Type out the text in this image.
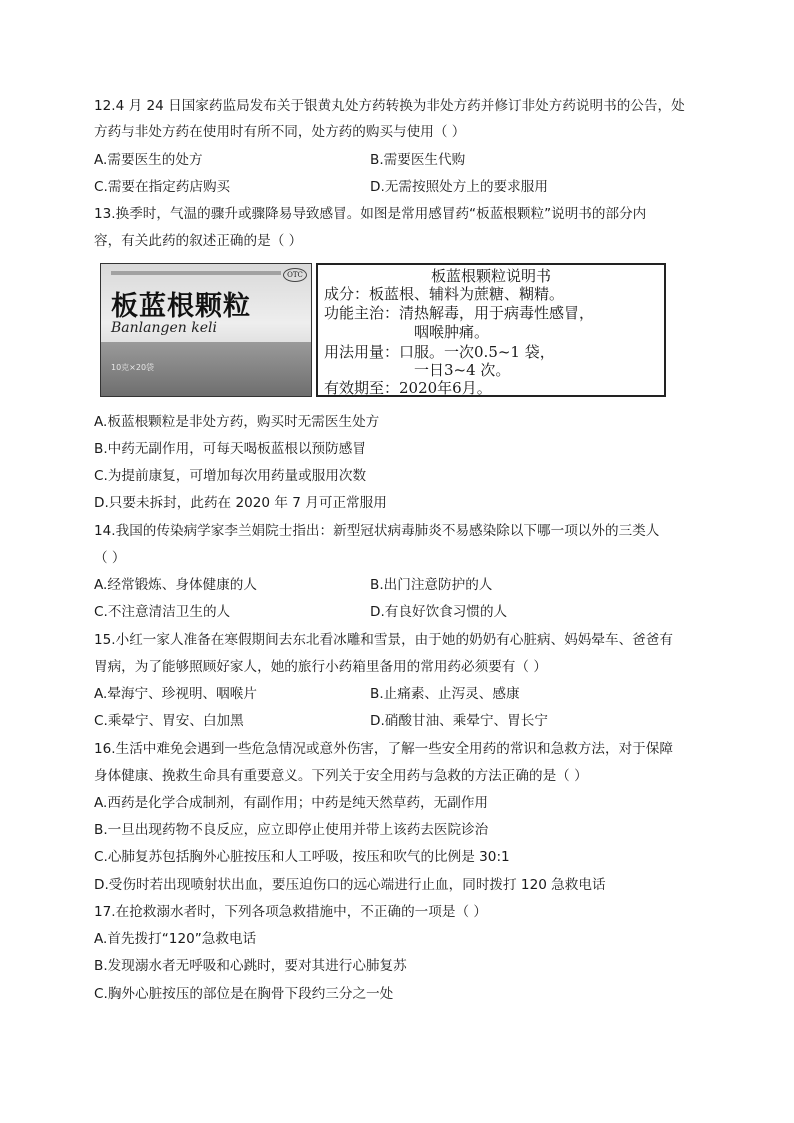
12.4 月 24 日国家药监局发布关于银黄丸处方药转换为非处方药并修订非处方药说明书的公告，处
方药与非处方药在使用时有所不同，处方药的购买与使用（ ）
A.需要医生的处方	B.需要医生代购
C.需要在指定药店购买	D.无需按照处方上的要求服用
13.换季时，气温的骤升或骤降易导致感冒。如图是常用感冒药“板蓝根颗粒”说明书的部分内
容，有关此药的叙述正确的是（ ）
OTC
板蓝根颗粒
Banlangen keli
10克×20袋
板蓝根颗粒说明书
成分：板蓝根、辅料为蔗糖、糊精。
功能主治：清热解毒，用于病毒性感冒，
咽喉肿痛。
用法用量：口服。一次0.5~1 袋，
一日3~4 次。
有效期至：2020年6月。
A.板蓝根颗粒是非处方药，购买时无需医生处方
B.中药无副作用，可每天喝板蓝根以预防感冒
C.为提前康复，可增加每次用药量或服用次数
D.只要未拆封，此药在 2020 年 7 月可正常服用
14.我国的传染病学家李兰娟院士指出：新型冠状病毒肺炎不易感染除以下哪一项以外的三类人
（ ）
A.经常锻炼、身体健康的人	B.出门注意防护的人
C.不注意清洁卫生的人	D.有良好饮食习惯的人
15.小红一家人准备在寒假期间去东北看冰雕和雪景，由于她的奶奶有心脏病、妈妈晕车、爸爸有
胃病，为了能够照顾好家人，她的旅行小药箱里备用的常用药必须要有（ ）
A.晕海宁、珍视明、咽喉片	B.止痛素、止泻灵、感康
C.乘晕宁、胃安、白加黑	D.硝酸甘油、乘晕宁、胃长宁
16.生活中难免会遇到一些危急情况或意外伤害，了解一些安全用药的常识和急救方法，对于保障
身体健康、挽救生命具有重要意义。下列关于安全用药与急救的方法正确的是（ ）
A.西药是化学合成制剂，有副作用；中药是纯天然草药，无副作用
B.一旦出现药物不良反应，应立即停止使用并带上该药去医院诊治
C.心肺复苏包括胸外心脏按压和人工呼吸，按压和吹气的比例是 30:1
D.受伤时若出现喷射状出血，要压迫伤口的远心端进行止血，同时拨打 120 急救电话
17.在抢救溺水者时，下列各项急救措施中，不正确的一项是（ ）
A.首先拨打“120”急救电话
B.发现溺水者无呼吸和心跳时，要对其进行心肺复苏
C.胸外心脏按压的部位是在胸骨下段约三分之一处
